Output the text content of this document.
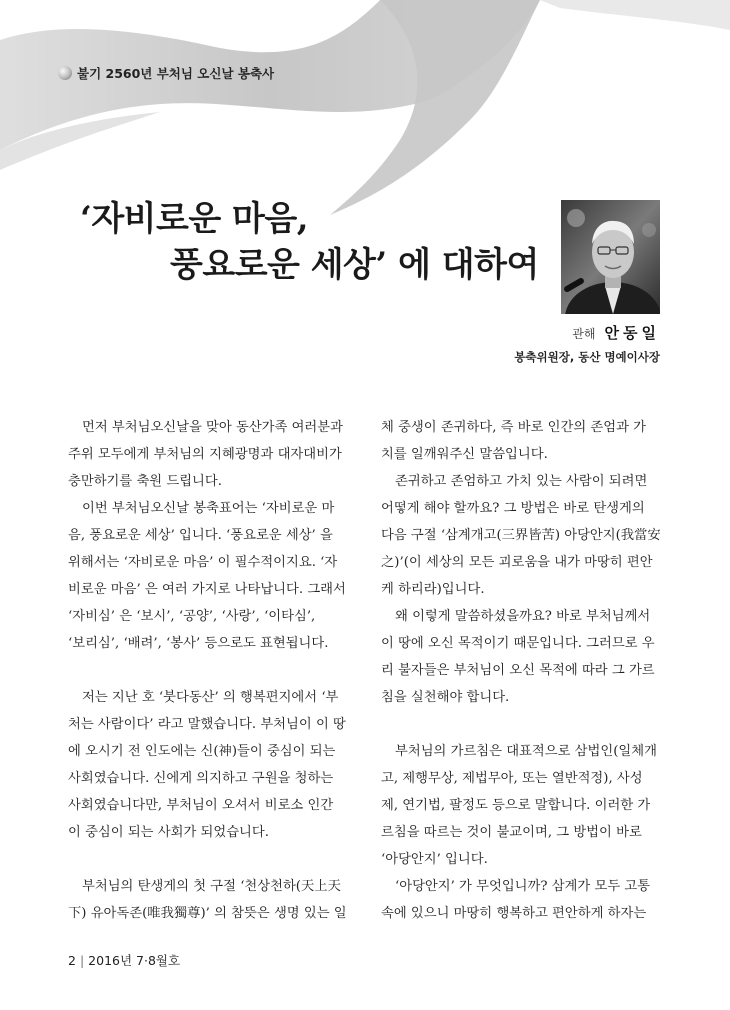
불기 2560년 부처님 오신날 봉축사
‘자비로운 마음,
풍요로운 세상’ 에 대하여
관해 안동일
봉축위원장, 동산 명예이사장
먼저 부처님오신날을 맞아 동산가족 여러분과
주위 모두에게 부처님의 지혜광명과 대자대비가
충만하기를 축원 드립니다.
이번 부처님오신날 봉축표어는 ‘자비로운 마
음, 풍요로운 세상’ 입니다. ‘풍요로운 세상’ 을
위해서는 ‘자비로운 마음’ 이 필수적이지요. ‘자
비로운 마음’ 은 여러 가지로 나타납니다. 그래서
‘자비심’ 은 ‘보시’, ‘공양’, ‘사랑’, ‘이타심’,
‘보리심’, ‘배려’, ‘봉사’ 등으로도 표현됩니다.
저는 지난 호 ‘붓다동산’ 의 행복편지에서 ‘부
처는 사람이다’ 라고 말했습니다. 부처님이 이 땅
에 오시기 전 인도에는 신(神)들이 중심이 되는
사회였습니다. 신에게 의지하고 구원을 청하는
사회였습니다만, 부처님이 오셔서 비로소 인간
이 중심이 되는 사회가 되었습니다.
부처님의 탄생게의 첫 구절 ‘천상천하(天上天
下) 유아독존(唯我獨尊)’ 의 참뜻은 생명 있는 일
체 중생이 존귀하다, 즉 바로 인간의 존엄과 가
치를 일깨워주신 말씀입니다.
존귀하고 존엄하고 가치 있는 사람이 되려면
어떻게 해야 할까요? 그 방법은 바로 탄생게의
다음 구절 ‘삼계개고(三界皆苦) 아당안지(我當安
之)’(이 세상의 모든 괴로움을 내가 마땅히 편안
케 하리라)입니다.
왜 이렇게 말씀하셨을까요? 바로 부처님께서
이 땅에 오신 목적이기 때문입니다. 그러므로 우
리 불자들은 부처님이 오신 목적에 따라 그 가르
침을 실천해야 합니다.
부처님의 가르침은 대표적으로 삼법인(일체개
고, 제행무상, 제법무아, 또는 열반적정), 사성
제, 연기법, 팔정도 등으로 말합니다. 이러한 가
르침을 따르는 것이 불교이며, 그 방법이 바로
‘아당안지’ 입니다.
‘아당안지’ 가 무엇입니까? 삼계가 모두 고통
속에 있으니 마땅히 행복하고 편안하게 하자는
2 | 2016년 7·8월호
